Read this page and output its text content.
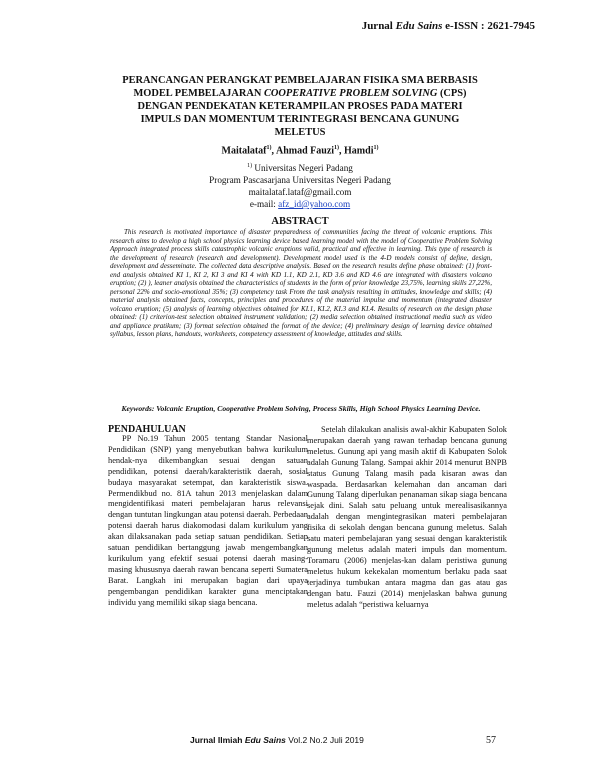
Jurnal Edu Sains e-ISSN : 2621-7945
PERANCANGAN PERANGKAT PEMBELAJARAN FISIKA SMA BERBASIS
MODEL PEMBELAJARAN COOPERATIVE PROBLEM SOLVING (CPS)
DENGAN PENDEKATAN KETERAMPILAN PROSES PADA MATERI
IMPULS DAN MOMENTUM TERINTEGRASI BENCANA GUNUNG
MELETUS
Maitalataf$^{1)}$, Ahmad Fauzi$^{1)}$, Hamdi$^{1)}$
$^{1)}$ Universitas Negeri Padang
Program Pascasarjana Universitas Negeri Padang
maitalataf.lataf@gmail.com
e-mail: afz_id@yahoo.com
ABSTRACT

This research is motivated importance of disaster preparedness of communities facing the threat of volcanic eruptions. This research aims to develop a high school physics learning device based learning model with the model of Cooperative Problem Solving Approach integrated process skills catastrophic volcanic eruptions valid, practical and effective in learning. This type of research is the development of research (research and development). Development model used is the 4-D models consist of define, design, development and desseminate. The collected data descriptive analysis. Based on the research results define phase obtained: (1) front-end analysis obtained KI 1, KI 2, KI 3 and KI 4 with KD 1.1, KD 2.1, KD 3.6 and KD 4.6 are integrated with disasters volcano eruption; (2) ), leaner analysis obtained the characteristics of students in the form of prior knowledge 23,75%, learning skills 27,22%, personal 22% and socio-emotional 35%; (3) competency task From the task analysis resulting in attitudes, knowledge and skills; (4) material analysis obtained facts, concepts, principles and procedures of the material impulse and momentum (integrated disaster volcano eruption; (5) analysis of learning objectives obtained for KI.1, KI.2, KI.3 and KI.4. Results of research on the design phase obtained: (1) criterion-test selection obtained instrument validation; (2) media selection obtained instructional media such as video and appliance pratikum; (3) format selection obtained the format of the device; (4) preliminary design of learning device obtained syllabus, lesson plans, handouts, worksheets, competency assessment of knowledge, attitudes and skills.

Keywords: Volcanic Eruption, Cooperative Problem Solving, Process Skills, High School Physics Learning Device.

PENDAHULUAN

PP No.19 Tahun 2005 tentang Standar Nasional Pendidikan (SNP) yang menyebutkan bahwa kurikulum hendak-nya dikembangkan sesuai dengan satuan pendidikan, potensi daerah/karakteristik daerah, sosial budaya masyarakat setempat, dan karakteristik siswa. Permendikbud no. 81A tahun 2013 menjelaskan dalam mengidentifikasi materi pembelajaran harus relevansi dengan tuntutan lingkungan atau potensi daerah. Perbedaan potensi daerah harus diakomodasi dalam kurikulum yang akan dilaksanakan pada setiap satuan pendidikan. Setiap satuan pendidikan bertanggung jawab mengembangkan kurikulum yang efektif sesuai potensi daerah masing-masing khususnya daerah rawan bencana seperti Sumatera Barat. Langkah ini merupakan bagian dari upaya pengembangan pendidikan karakter guna menciptakan individu yang memiliki sikap siaga bencana.

Setelah dilakukan analisis awal-akhir Kabupaten Solok merupakan daerah yang rawan terhadap bencana gunung meletus. Gunung api yang masih aktif di Kabupaten Solok adalah Gunung Talang. Sampai akhir 2014 menurut BNPB status Gunung Talang masih pada kisaran awas dan waspada. Berdasarkan kelemahan dan ancaman dari Gunung Talang diperlukan penanaman sikap siaga bencana sejak dini. Salah satu peluang untuk merealisasikannya adalah dengan mengintegrasikan materi pembelajaran fisika di sekolah dengan bencana gunung meletus. Salah satu materi pembelajaran yang sesuai dengan karakteristik gunung meletus adalah materi impuls dan momentum. Toramaru (2006) menjelas-kan dalam peristiwa gunung meletus hukum kekekalan momentum berlaku pada saat terjadinya tumbukan antara magma dan gas atau gas dengan batu. Fauzi (2014) menjelaskan bahwa gunung meletus adalah “peristiwa keluarnya

Jurnal Ilmiah Edu Sains Vol.2 No.2 Juli 2019	57
